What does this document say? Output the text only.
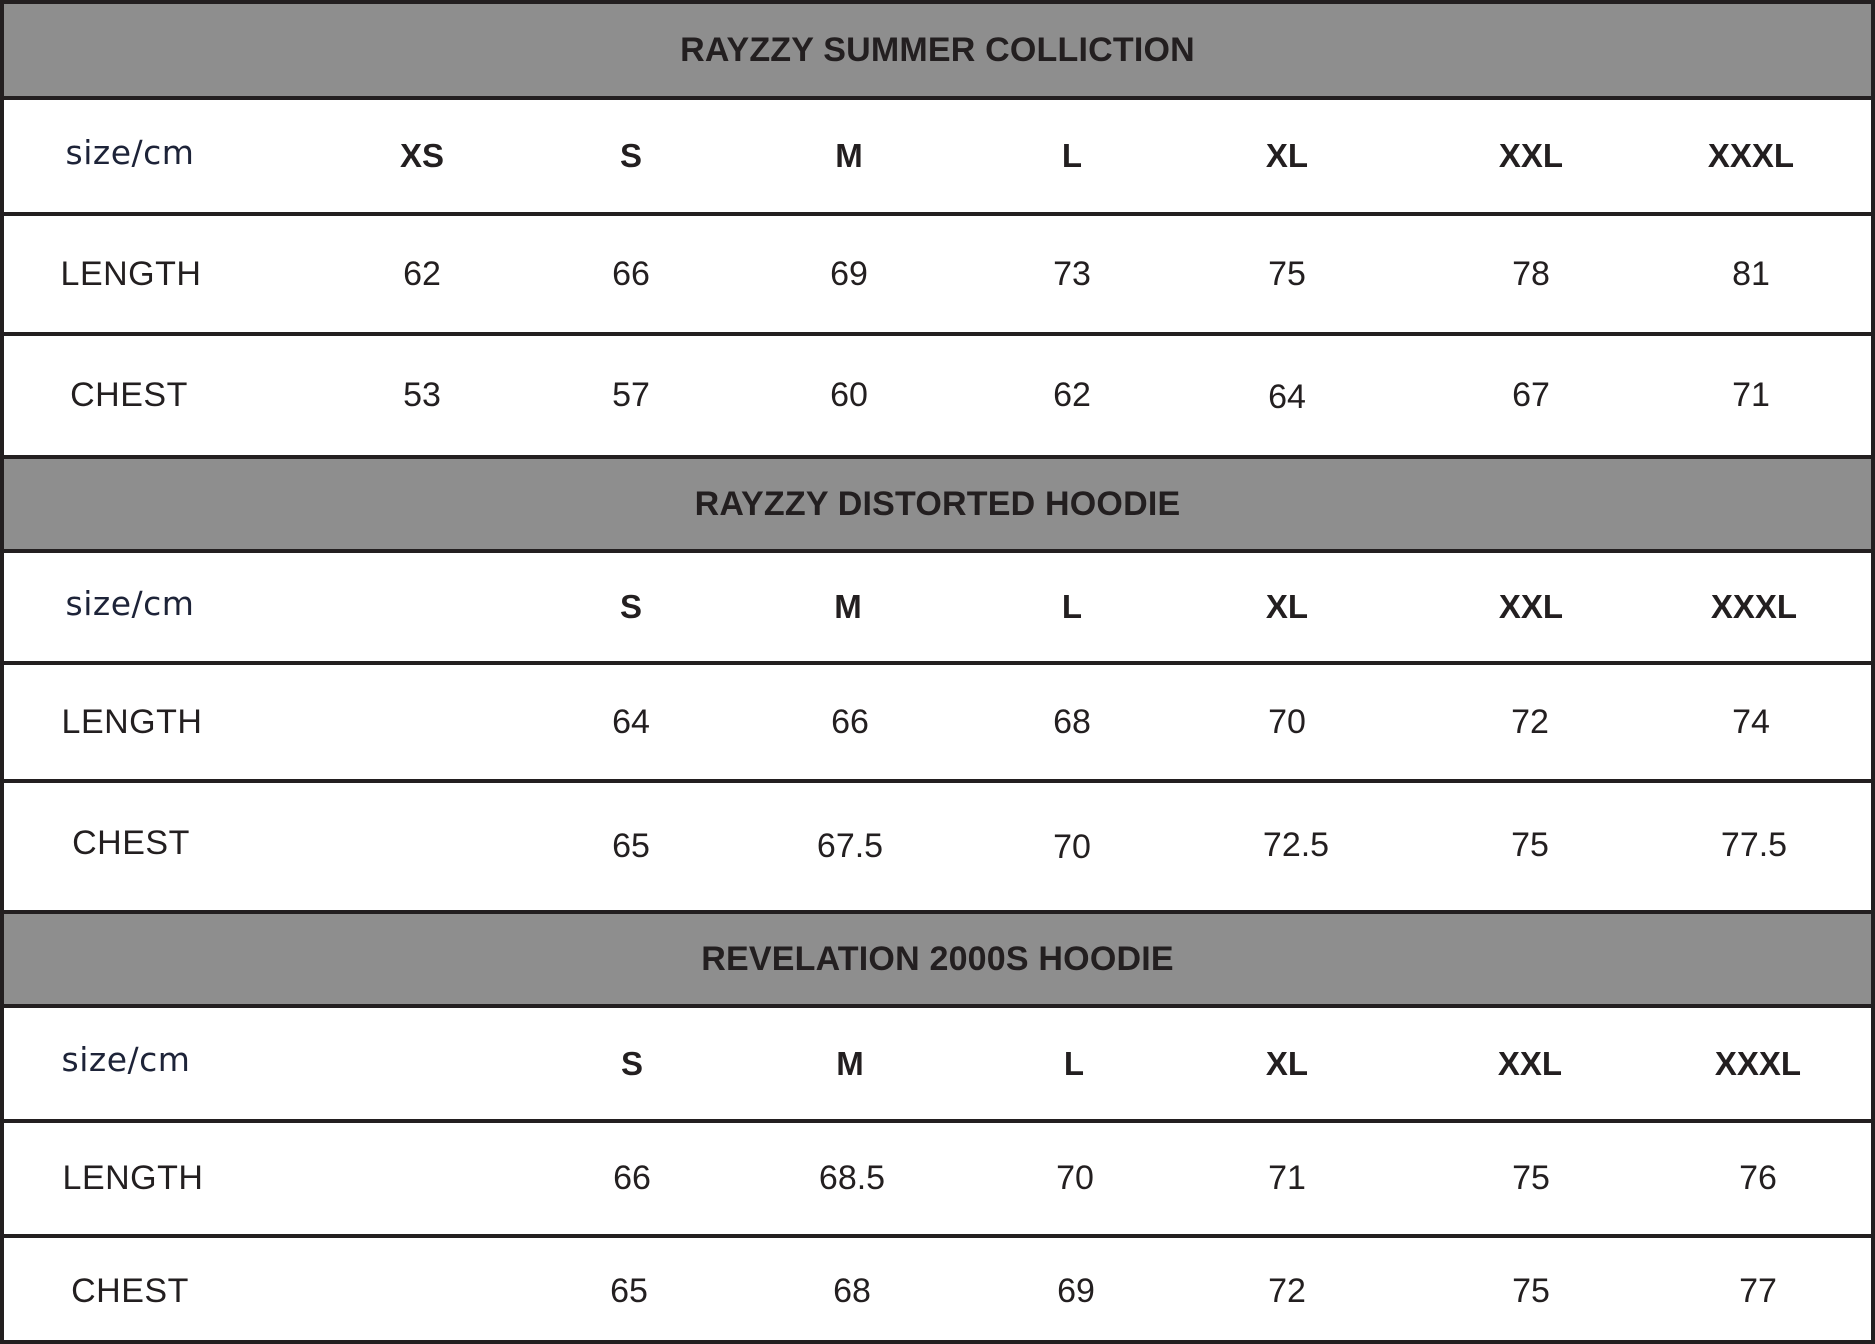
RAYZZY SUMMER COLLICTION
size/cm	XS	S	M	L	XL	XXL	XXXL
LENGTH	62	66	69	73	75	78	81
CHEST	53	57	60	62	64	67	71
RAYZZY DISTORTED HOODIE
size/cm	S	M	L	XL	XXL	XXXL
LENGTH	64	66	68	70	72	74
CHEST	65	67.5	70	72.5	75	77.5
REVELATION 2000S HOODIE
size/cm	S	M	L	XL	XXL	XXXL
LENGTH	66	68.5	70	71	75	76
CHEST	65	68	69	72	75	77
